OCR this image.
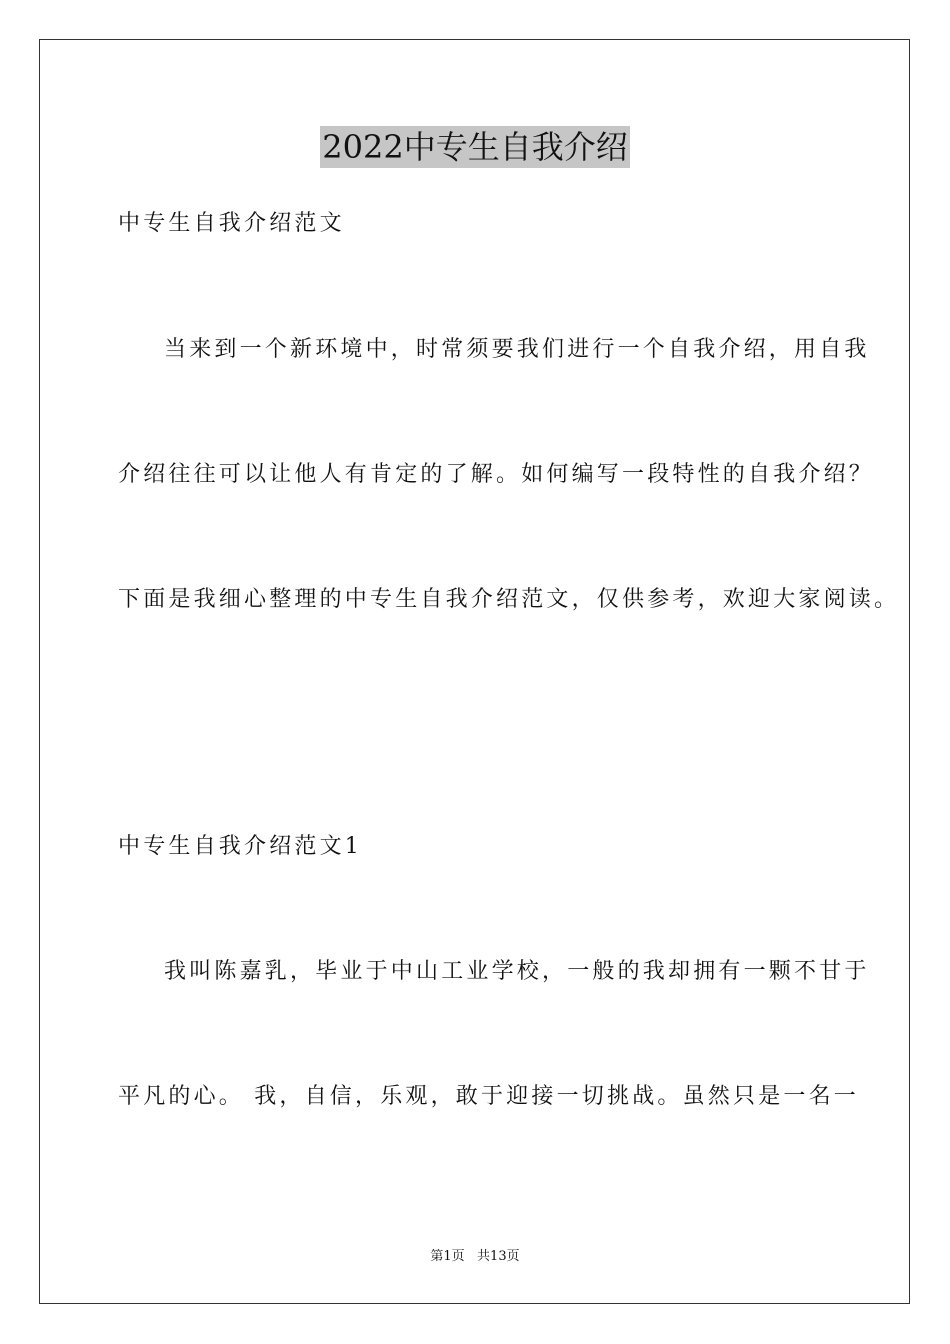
2022中专生自我介绍
中专生自我介绍范文
当来到一个新环境中，时常须要我们进行一个自我介绍，用自我
介绍往往可以让他人有肯定的了解。如何编写一段特性的自我介绍？
下面是我细心整理的中专生自我介绍范文，仅供参考，欢迎大家阅读。
中专生自我介绍范文1
我叫陈嘉乳，毕业于中山工业学校，一般的我却拥有一颗不甘于
平凡的心。 我，自信，乐观，敢于迎接一切挑战。虽然只是一名一
第1页   共13页
